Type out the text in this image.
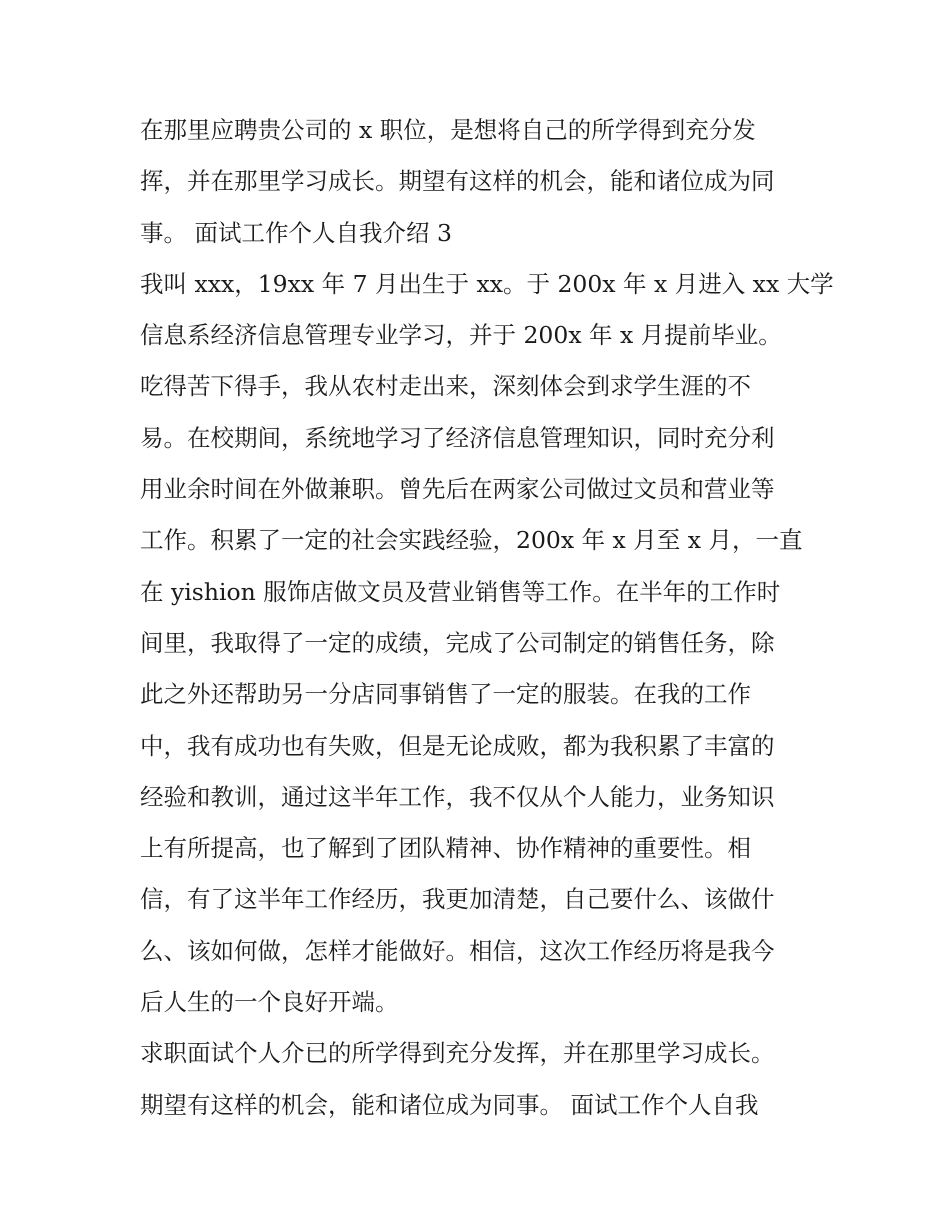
在那里应聘贵公司的 x 职位，是想将自己的所学得到充分发
挥，并在那里学习成长。期望有这样的机会，能和诸位成为同
事。 面试工作个人自我介绍 3
我叫 xxx，19xx 年 7 月出生于 xx。于 200x 年 x 月进入 xx 大学
信息系经济信息管理专业学习，并于 200x 年 x 月提前毕业。
吃得苦下得手，我从农村走出来，深刻体会到求学生涯的不
易。在校期间，系统地学习了经济信息管理知识，同时充分利
用业余时间在外做兼职。曾先后在两家公司做过文员和营业等
工作。积累了一定的社会实践经验，200x 年 x 月至 x 月，一直
在 yishion 服饰店做文员及营业销售等工作。在半年的工作时
间里，我取得了一定的成绩，完成了公司制定的销售任务，除
此之外还帮助另一分店同事销售了一定的服装。在我的工作
中，我有成功也有失败，但是无论成败，都为我积累了丰富的
经验和教训，通过这半年工作，我不仅从个人能力，业务知识
上有所提高，也了解到了团队精神、协作精神的重要性。相
信，有了这半年工作经历，我更加清楚，自己要什么、该做什
么、该如何做，怎样才能做好。相信，这次工作经历将是我今
后人生的一个良好开端。
求职面试个人介已的所学得到充分发挥，并在那里学习成长。
期望有这样的机会，能和诸位成为同事。 面试工作个人自我
